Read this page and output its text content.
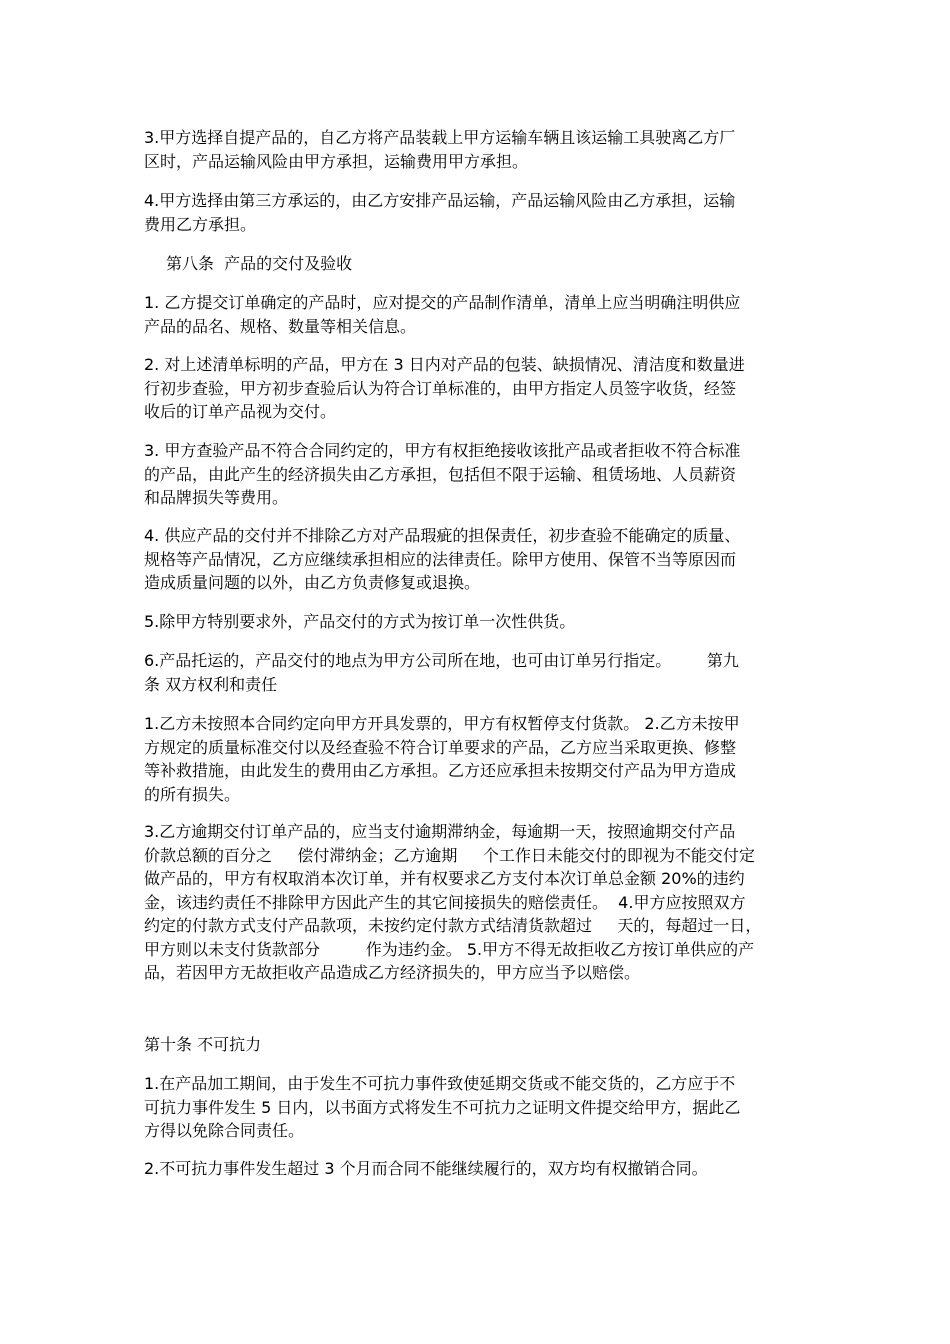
3.甲方选择自提产品的，自乙方将产品装载上甲方运输车辆且该运输工具驶离乙方厂
区时，产品运输风险由甲方承担，运输费用甲方承担。
4.甲方选择由第三方承运的，由乙方安排产品运输，产品运输风险由乙方承担，运输
费用乙方承担。
第八条  产品的交付及验收
1. 乙方提交订单确定的产品时，应对提交的产品制作清单，清单上应当明确注明供应
产品的品名、规格、数量等相关信息。
2. 对上述清单标明的产品，甲方在 3 日内对产品的包装、缺损情况、清洁度和数量进
行初步查验，甲方初步查验后认为符合订单标准的，由甲方指定人员签字收货，经签
收后的订单产品视为交付。
3. 甲方查验产品不符合合同约定的，甲方有权拒绝接收该批产品或者拒收不符合标准
的产品，由此产生的经济损失由乙方承担，包括但不限于运输、租赁场地、人员薪资
和品牌损失等费用。
4. 供应产品的交付并不排除乙方对产品瑕疵的担保责任，初步查验不能确定的质量、
规格等产品情况，乙方应继续承担相应的法律责任。除甲方使用、保管不当等原因而
造成质量问题的以外，由乙方负责修复或退换。
5.除甲方特别要求外，产品交付的方式为按订单一次性供货。
6.产品托运的，产品交付的地点为甲方公司所在地，也可由订单另行指定。       第九
条 双方权利和责任
1.乙方未按照本合同约定向甲方开具发票的，甲方有权暂停支付货款。 2.乙方未按甲
方规定的质量标准交付以及经查验不符合订单要求的产品，乙方应当采取更换、修整
等补救措施，由此发生的费用由乙方承担。乙方还应承担未按期交付产品为甲方造成
的所有损失。
3.乙方逾期交付订单产品的，应当支付逾期滞纳金，每逾期一天，按照逾期交付产品
价款总额的百分之     偿付滞纳金；乙方逾期     个工作日未能交付的即视为不能交付定
做产品的，甲方有权取消本次订单，并有权要求乙方支付本次订单总金额 20%的违约
金，该违约责任不排除甲方因此产生的其它间接损失的赔偿责任。  4.甲方应按照双方
约定的付款方式支付产品款项，未按约定付款方式结清货款超过     天的，每超过一日，
甲方则以未支付货款部分         作为违约金。 5.甲方不得无故拒收乙方按订单供应的产
品，若因甲方无故拒收产品造成乙方经济损失的，甲方应当予以赔偿。
第十条 不可抗力
1.在产品加工期间，由于发生不可抗力事件致使延期交货或不能交货的，乙方应于不
可抗力事件发生 5 日内，以书面方式将发生不可抗力之证明文件提交给甲方，据此乙
方得以免除合同责任。
2.不可抗力事件发生超过 3 个月而合同不能继续履行的，双方均有权撤销合同。
